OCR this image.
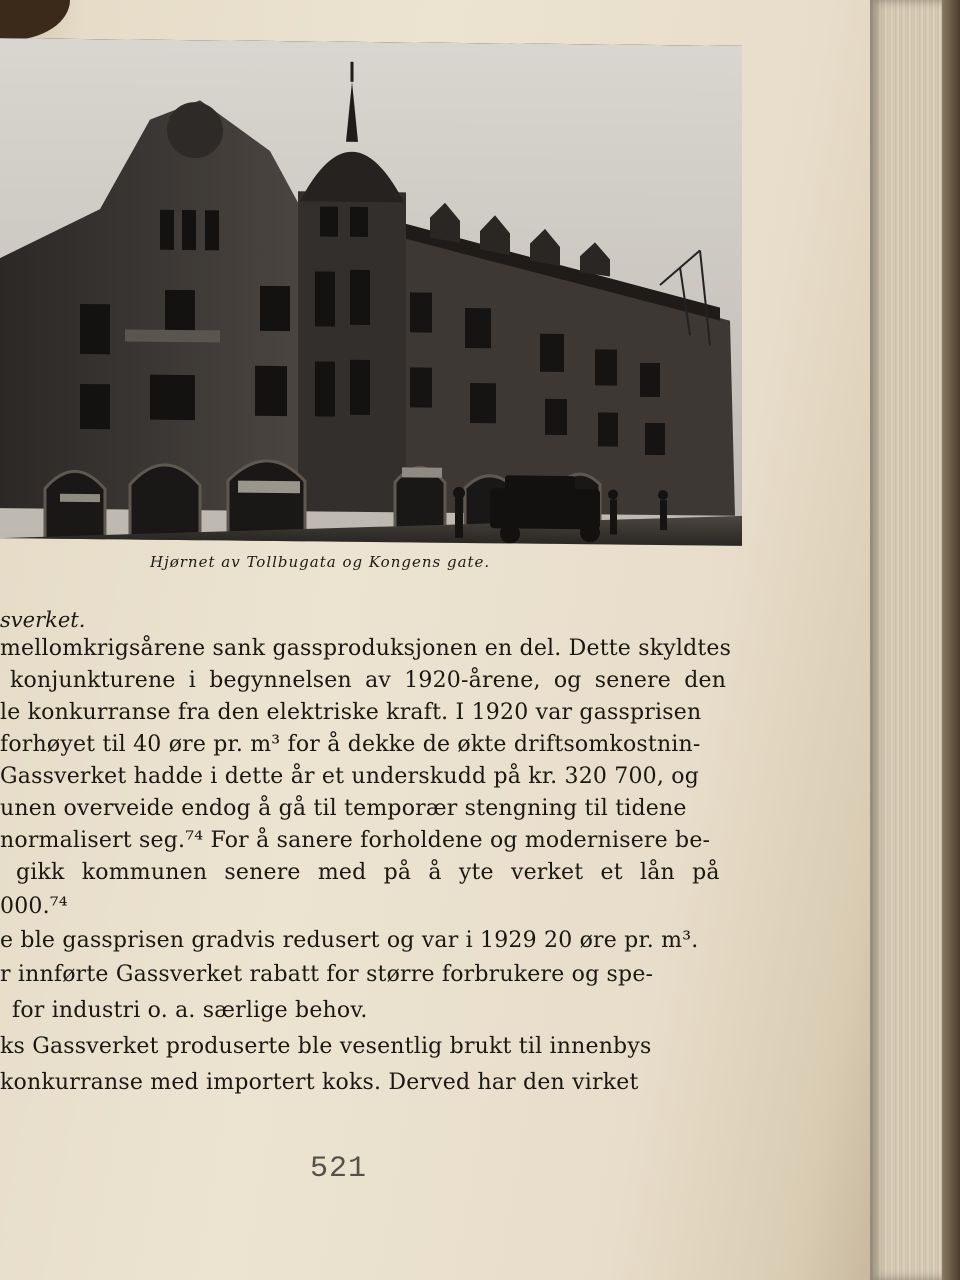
Hjørnet av Tollbugata og Kongens gate.
sverket.
mellomkrigsårene sank gassproduksjonen en del. Dette skyldtes
konjunkturene i begynnelsen av 1920-årene, og senere den
le konkurranse fra den elektriske kraft. I 1920 var gassprisen
forhøyet til 40 øre pr. m³ for å dekke de økte driftsomkostnin-
Gassverket hadde i dette år et underskudd på kr. 320 700, og
unen overveide endog å gå til temporær stengning til tidene
normalisert seg.⁷⁴ For å sanere forholdene og modernisere be-
gikk kommunen senere med på å yte verket et lån på
000.⁷⁴
e ble gassprisen gradvis redusert og var i 1929 20 øre pr. m³.
r innførte Gassverket rabatt for større forbrukere og spe-
for industri o. a. særlige behov.
ks Gassverket produserte ble vesentlig brukt til innenbys
konkurranse med importert koks. Derved har den virket
521
